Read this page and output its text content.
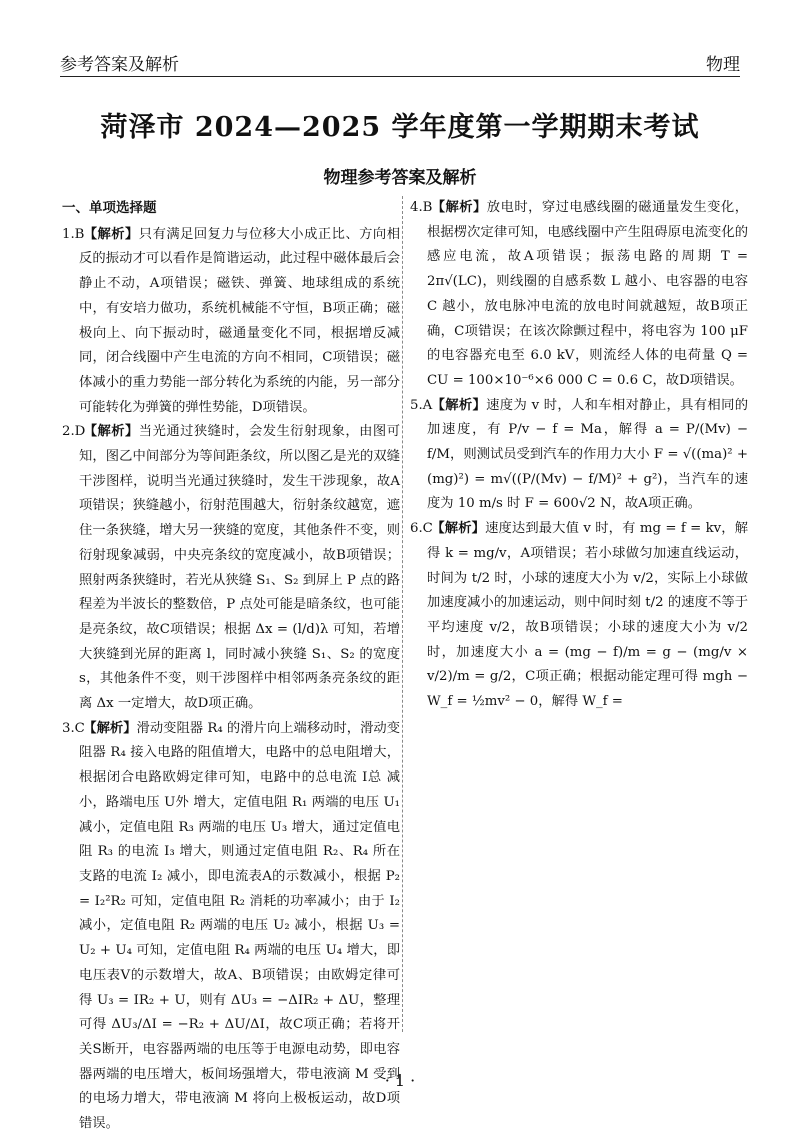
参考答案及解析	物理
菏泽市 2024—2025 学年度第一学期期末考试
物理参考答案及解析

一、单项选择题

1.B 【解析】只有满足回复力与位移大小成正比、方向相反的振动才可以看作是简谐运动，此过程中磁体最后会静止不动，A项错误；磁铁、弹簧、地球组成的系统中，有安培力做功，系统机械能不守恒，B项正确；磁极向上、向下振动时，磁通量变化不同，根据增反减同，闭合线圈中产生电流的方向不相同，C项错误；磁体减小的重力势能一部分转化为系统的内能，另一部分可能转化为弹簧的弹性势能，D项错误。

2.D 【解析】当光通过狭缝时，会发生衍射现象，由图可知，图乙中间部分为等间距条纹，所以图乙是光的双缝干涉图样，说明当光通过狭缝时，发生干涉现象，故A项错误；狭缝越小，衍射范围越大，衍射条纹越宽，遮住一条狭缝，增大另一狭缝的宽度，其他条件不变，则衍射现象减弱，中央亮条纹的宽度减小，故B项错误；照射两条狭缝时，若光从狭缝 S₁、S₂ 到屏上 P 点的路程差为半波长的整数倍，P 点处可能是暗条纹，也可能是亮条纹，故C项错误；根据 Δx = (l/d)λ 可知，若增大狭缝到光屏的距离 l，同时减小狭缝 S₁、S₂ 的宽度 s，其他条件不变，则干涉图样中相邻两条亮条纹的距离 Δx 一定增大，故D项正确。

3.C 【解析】滑动变阻器 R₄ 的滑片向上端移动时，滑动变阻器 R₄ 接入电路的阻值增大，电路中的总电阻增大，根据闭合电路欧姆定律可知，电路中的总电流 I总 减小，路端电压 U外 增大，定值电阻 R₁ 两端的电压 U₁ 减小，定值电阻 R₃ 两端的电压 U₃ 增大，通过定值电阻 R₃ 的电流 I₃ 增大，则通过定值电阻 R₂、R₄ 所在支路的电流 I₂ 减小，即电流表A的示数减小，根据 P₂ = I₂²R₂ 可知，定值电阻 R₂ 消耗的功率减小；由于 I₂ 减小，定值电阻 R₂ 两端的电压 U₂ 减小，根据 U₃ = U₂ + U₄ 可知，定值电阻 R₄ 两端的电压 U₄ 增大，即电压表V的示数增大，故A、B项错误；由欧姆定律可得 U₃ = IR₂ + U，则有 ΔU₃ = −ΔIR₂ + ΔU，整理可得 ΔU₃/ΔI = −R₂ + ΔU/ΔI，故C项正确；若将开关S断开，电容器两端的电压等于电源电动势，即电容器两端的电压增大，板间场强增大，带电液滴 M 受到的电场力增大，带电液滴 M 将向上极板运动，故D项错误。

4.B 【解析】放电时，穿过电感线圈的磁通量发生变化，根据楞次定律可知，电感线圈中产生阻碍原电流变化的感应电流，故A项错误；振荡电路的周期 T = 2π√(LC)，则线圈的自感系数 L 越小、电容器的电容 C 越小，放电脉冲电流的放电时间就越短，故B项正确，C项错误；在该次除颤过程中，将电容为 100 μF 的电容器充电至 6.0 kV，则流经人体的电荷量 Q = CU = 100×10⁻⁶×6 000 C = 0.6 C，故D项错误。

5.A 【解析】速度为 v 时，人和车相对静止，具有相同的加速度，有 P/v − f = Ma，解得 a = P/(Mv) − f/M，则测试员受到汽车的作用力大小 F = √((ma)² + (mg)²) = m√((P/(Mv) − f/M)² + g²)，当汽车的速度为 10 m/s 时 F = 600√2 N，故A项正确。

6.C 【解析】速度达到最大值 v 时，有 mg = f = kv，解得 k = mg/v，A项错误；若小球做匀加速直线运动，时间为 t/2 时，小球的速度大小为 v/2，实际上小球做加速度减小的加速运动，则中间时刻 t/2 的速度不等于平均速度 v/2，故B项错误；小球的速度大小为 v/2 时，加速度大小 a = (mg − f)/m = g − (mg/v × v/2)/m = g/2，C项正确；根据动能定理可得 mgh − W_f = ½mv² − 0，解得 W_f =

· 1 ·
